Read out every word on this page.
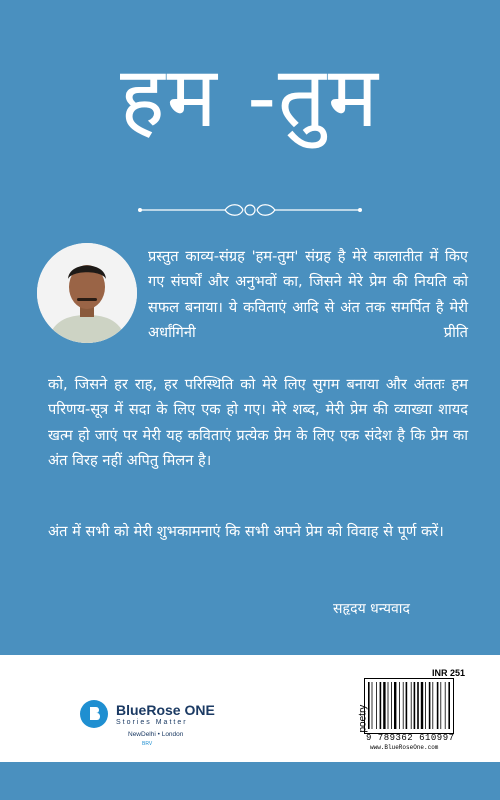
हम -तुम
प्रस्तुत काव्य-संग्रह 'हम-तुम' संग्रह है मेरे कालातीत में किए गए संघर्षों और अनुभवों का, जिसने मेरे प्रेम की नियति को सफल बनाया। ये कविताएं आदि से अंत तक समर्पित है मेरी अर्धांगिनी प्रीति
को, जिसने हर राह, हर परिस्थिति को मेरे लिए सुगम बनाया और अंततः हम परिणय-सूत्र में सदा के लिए एक हो गए। मेरे शब्द, मेरी प्रेम की व्याख्या शायद खत्म हो जाएं पर मेरी यह कविताएं प्रत्येक प्रेम के लिए एक संदेश है कि प्रेम का अंत विरह नहीं अपितु मिलन है।
अंत में सभी को मेरी शुभकामनाएं कि सभी अपने प्रेम को विवाह से पूर्ण करें।
सहृदय धन्यवाद
BlueRose ONE
Stories Matter
NewDelhi • London
BRV
INR 251
poetry
9 789362 610997
www.BlueRoseOne.com
